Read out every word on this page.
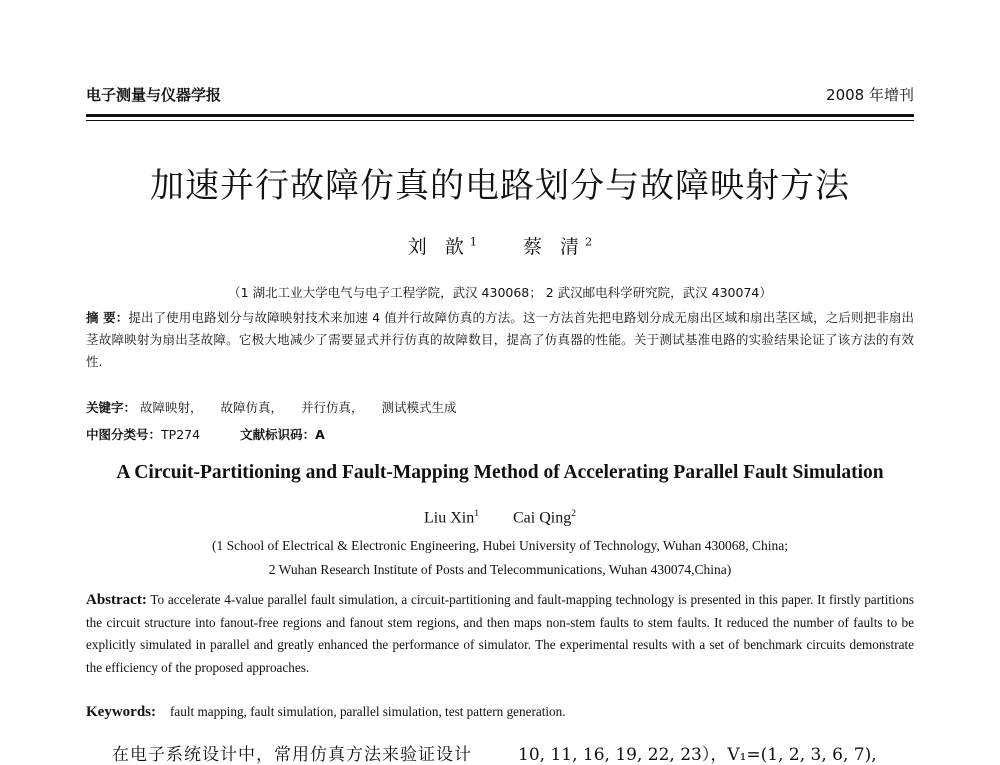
电子测量与仪器学报	2008 年增刊
加速并行故障仿真的电路划分与故障映射方法
刘 歆$^1$ 蔡 清$^2$
（1 湖北工业大学电气与电子工程学院，武汉 430068； 2 武汉邮电科学研究院，武汉 430074）
摘 要：提出了使用电路划分与故障映射技术来加速 4 值并行故障仿真的方法。这一方法首先把电路划分成无扇出区域和扇出茎区域，之后则把非扇出茎故障映射为扇出茎故障。它极大地减少了需要显式并行仿真的故障数目，提高了仿真器的性能。关于测试基准电路的实验结果论证了该方法的有效性.
关键字： 故障映射， 故障仿真， 并行仿真， 测试模式生成
中图分类号：TP274	文献标识码：A
A Circuit-Partitioning and Fault-Mapping Method of Accelerating Parallel Fault Simulation
Liu Xin$^1$ Cai Qing$^2$
(1 School of Electrical & Electronic Engineering, Hubei University of Technology, Wuhan 430068, China;
2 Wuhan Research Institute of Posts and Telecommunications, Wuhan 430074,China)
Abstract: To accelerate 4-value parallel fault simulation, a circuit-partitioning and fault-mapping technology is presented in this paper. It firstly partitions the circuit structure into fanout-free regions and fanout stem regions, and then maps non-stem faults to stem faults. It reduced the number of faults to be explicitly simulated in parallel and greatly enhanced the performance of simulator. The experimental results with a set of benchmark circuits demonstrate the efficiency of the proposed approaches.
Keywords: fault mapping, fault simulation, parallel simulation, test pattern generation.
在电子系统设计中，常用仿真方法来验证设计	10, 11, 16, 19, 22, 23），V₁=(1, 2, 3, 6, 7),
